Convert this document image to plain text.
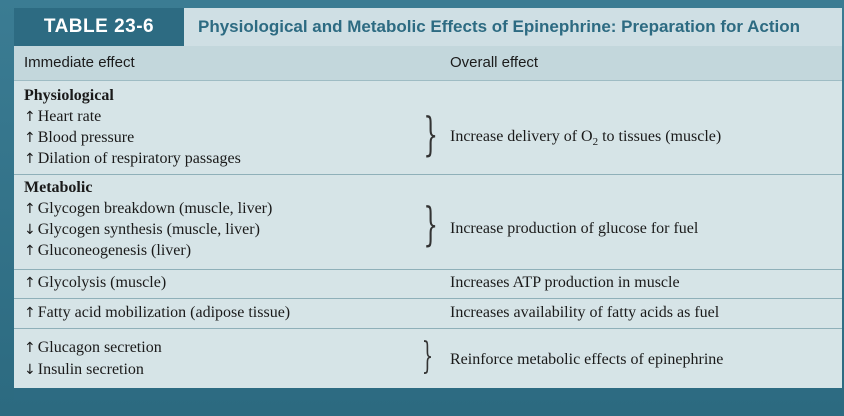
TABLE 23-6	Physiological and Metabolic Effects of Epinephrine: Preparation for Action
Immediate effect	Overall effect
Physiological
↑ Heart rate
↑ Blood pressure
↑ Dilation of respiratory passages	} Increase delivery of $O_2$ to tissues (muscle)
Metabolic
↑ Glycogen breakdown (muscle, liver)
↓ Glycogen synthesis (muscle, liver)
↑ Gluconeogenesis (liver)	} Increase production of glucose for fuel
↑ Glycolysis (muscle)	Increases ATP production in muscle
↑ Fatty acid mobilization (adipose tissue)	Increases availability of fatty acids as fuel
↑ Glucagon secretion
↓ Insulin secretion	} Reinforce metabolic effects of epinephrine
